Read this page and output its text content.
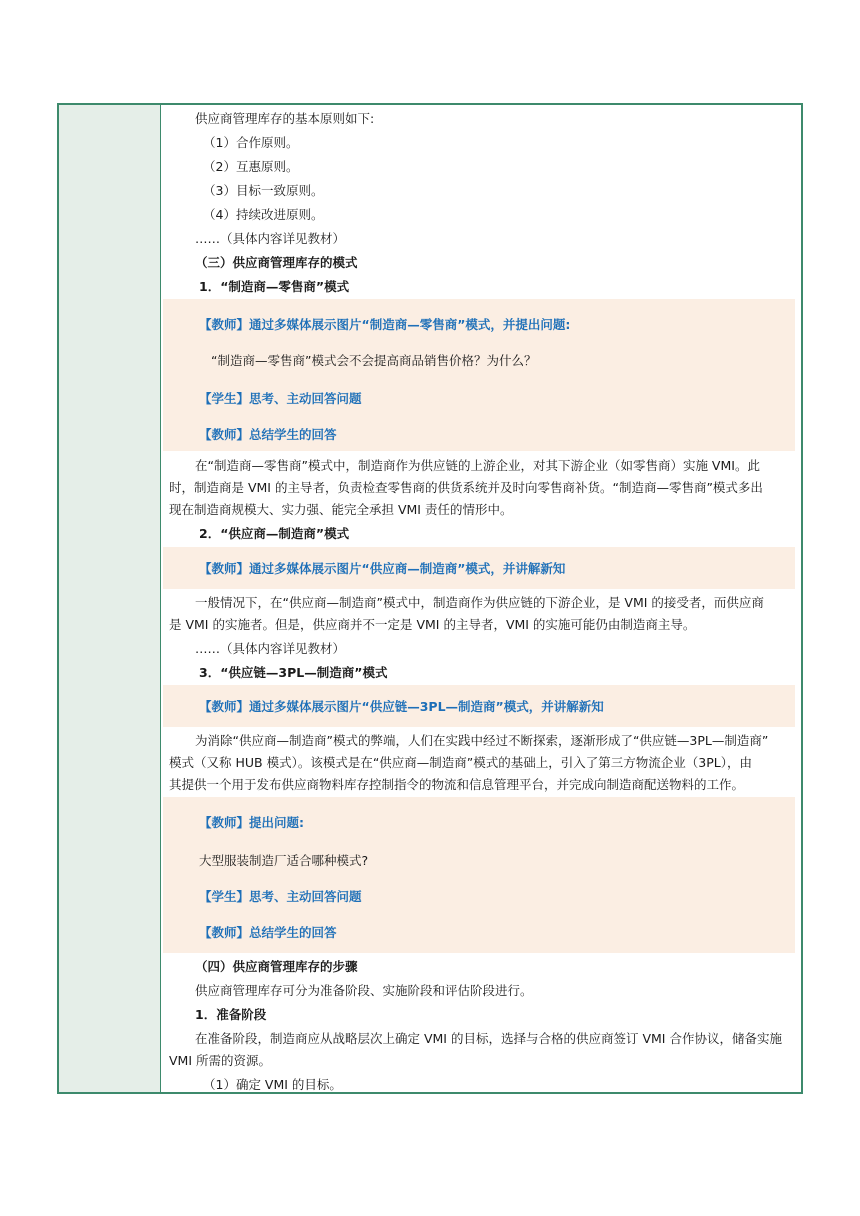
供应商管理库存的基本原则如下:
（1）合作原则。
（2）互惠原则。
（3）目标一致原则。
（4）持续改进原则。
……（具体内容详见教材）
（三）供应商管理库存的模式
1．“制造商—零售商”模式
【教师】通过多媒体展示图片“制造商—零售商”模式，并提出问题:
“制造商—零售商”模式会不会提高商品销售价格？为什么？
【学生】思考、主动回答问题
【教师】总结学生的回答
在“制造商—零售商”模式中，制造商作为供应链的上游企业，对其下游企业（如零售商）实施 VMI。此
时，制造商是 VMI 的主导者，负责检查零售商的供货系统并及时向零售商补货。“制造商—零售商”模式多出
现在制造商规模大、实力强、能完全承担 VMI 责任的情形中。
2．“供应商—制造商”模式
【教师】通过多媒体展示图片“供应商—制造商”模式，并讲解新知
一般情况下，在“供应商—制造商”模式中，制造商作为供应链的下游企业，是 VMI 的接受者，而供应商
是 VMI 的实施者。但是，供应商并不一定是 VMI 的主导者，VMI 的实施可能仍由制造商主导。
……（具体内容详见教材）
3．“供应链—3PL—制造商”模式
【教师】通过多媒体展示图片“供应链—3PL—制造商”模式，并讲解新知
为消除“供应商—制造商”模式的弊端，人们在实践中经过不断探索，逐渐形成了“供应链—3PL—制造商”
模式（又称 HUB 模式）。该模式是在“供应商—制造商”模式的基础上，引入了第三方物流企业（3PL），由
其提供一个用于发布供应商物料库存控制指令的物流和信息管理平台，并完成向制造商配送物料的工作。
【教师】提出问题:
大型服装制造厂适合哪种模式?
【学生】思考、主动回答问题
【教师】总结学生的回答
（四）供应商管理库存的步骤
供应商管理库存可分为准备阶段、实施阶段和评估阶段进行。
1．准备阶段
在准备阶段，制造商应从战略层次上确定 VMI 的目标，选择与合格的供应商签订 VMI 合作协议，储备实施
VMI 所需的资源。
（1）确定 VMI 的目标。
